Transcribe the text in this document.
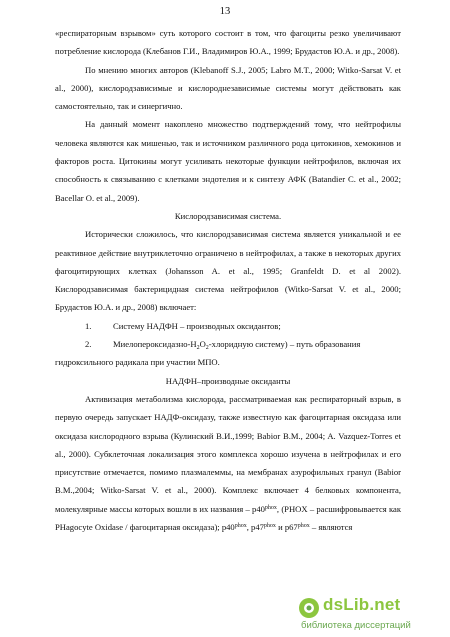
13

«респираторным взрывом» суть которого состоит в том, что фагоциты резко увеличивают потребление кислорода (Клебанов Г.И., Владимиров Ю.А., 1999; Брудастов Ю.А. и др., 2008).

По мнению многих авторов (Klebanoff S.J., 2005; Labro M.T., 2000; Witko-Sarsat V. et al., 2000), кислородзависимые и кислороднезависимые системы могут действовать как самостоятельно, так и синергично.

На данный момент накоплено множество подтверждений тому, что нейтрофилы человека являются как мишенью, так и источником различного рода цитокинов, хемокинов и факторов роста. Цитокины могут усиливать некоторые функции нейтрофилов, включая их способность к связыванию с клетками эндотелия и к синтезу АФК (Batandier C. et al., 2002; Bacellar O. et al., 2009).

Кислородзависимая система.

Исторически сложилось, что кислородзависимая система является уникальной и ее реактивное действие внутриклеточно ограничено в нейтрофилах, а также в некоторых других фагоцитирующих клетках (Johansson A. et al., 1995; Granfeldt D. et al 2002). Кислородзависимая бактерицидная система нейтрофилов (Witko-Sarsat V. et al., 2000; Брудастов Ю.А. и др., 2008) включает:

1.	Систему НАДФН – производных оксидантов;

2.	Миелопероксидазно-$H_2O_2$-хлоридную систему) – путь образования

гидроксильного радикала при участии МПО.

НАДФН–производные оксиданты

Активизация метаболизма кислорода, рассматриваемая как респираторный взрыв, в первую очередь запускает НАДФ-оксидазу, также известную как фагоцитарная оксидаза или оксидаза кислородного взрыва (Кулинский В.И.,1999; Babior B.M., 2004; A. Vazquez-Torres et al., 2000). Субклеточная локализация этого комплекса хорошо изучена в нейтрофилах и его присутствие отмечается, помимо плазмалеммы, на мембранах азурофильных гранул (Babior B.M.,2004; Witko-Sarsat V. et al., 2000). Комплекс включает 4 белковых компонента, молекулярные массы которых вошли в их названия – $р40^{phox}$, (PHOX – расшифровывается как PHagocyte Oxidase / фагоцитарная оксидаза); $p40^{phox}$, $p47^{phox}$ и $p67^{phox}$ – являются

dsLib.net
библиотека диссертаций
